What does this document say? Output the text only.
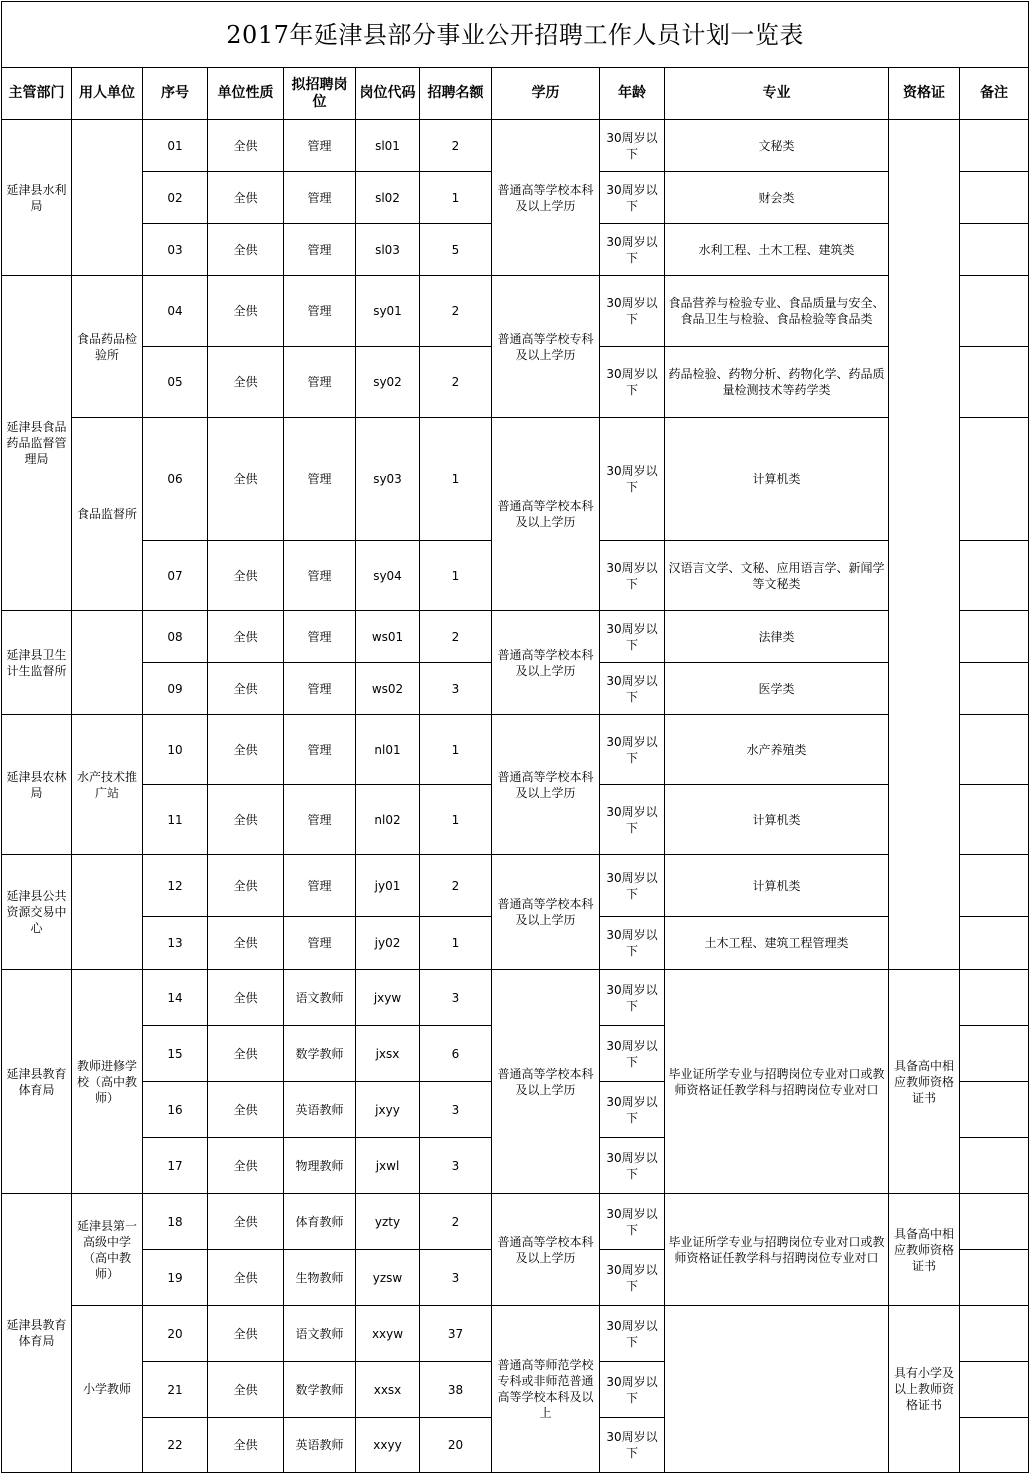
2017年延津县部分事业公开招聘工作人员计划一览表											
主管部门	用人单位	序号	单位性质	拟招聘岗位	岗位代码	招聘名额	学历	年龄	专业	资格证	备注
延津县水利局		01	全供	管理	sl01	2	普通高等学校本科及以上学历	30周岁以下	文秘类		
		02	全供	管理	sl02	1		30周岁以下	财会类		
		03	全供	管理	sl03	5		30周岁以下	水利工程、土木工程、建筑类		
延津县食品药品监督管理局	食品药品检验所	04	全供	管理	sy01	2	普通高等学校专科及以上学历	30周岁以下	食品营养与检验专业、食品质量与安全、食品卫生与检验、食品检验等食品类		
		05	全供	管理	sy02	2		30周岁以下	药品检验、药物分析、药物化学、药品质量检测技术等药学类		
	食品监督所	06	全供	管理	sy03	1	普通高等学校本科及以上学历	30周岁以下	计算机类		
		07	全供	管理	sy04	1		30周岁以下	汉语言文学、文秘、应用语言学、新闻学等文秘类		
延津县卫生计生监督所		08	全供	管理	ws01	2	普通高等学校本科及以上学历	30周岁以下	法律类		
		09	全供	管理	ws02	3		30周岁以下	医学类		
延津县农林局	水产技术推广站	10	全供	管理	nl01	1	普通高等学校本科及以上学历	30周岁以下	水产养殖类		
		11	全供	管理	nl02	1		30周岁以下	计算机类		
延津县公共资源交易中心		12	全供	管理	jy01	2	普通高等学校本科及以上学历	30周岁以下	计算机类		
		13	全供	管理	jy02	1		30周岁以下	土木工程、建筑工程管理类		
延津县教育体育局	教师进修学校（高中教师）	14	全供	语文教师	jxyw	3	普通高等学校本科及以上学历	30周岁以下	毕业证所学专业与招聘岗位专业对口或教师资格证任教学科与招聘岗位专业对口	具备高中相应教师资格证书	
		15	全供	数学教师	jxsx	6		30周岁以下			
		16	全供	英语教师	jxyy	3		30周岁以下			
		17	全供	物理教师	jxwl	3		30周岁以下			
延津县教育体育局	延津县第一高级中学（高中教师）	18	全供	体育教师	yzty	2	普通高等学校本科及以上学历	30周岁以下	毕业证所学专业与招聘岗位专业对口或教师资格证任教学科与招聘岗位专业对口	具备高中相应教师资格证书	
		19	全供	生物教师	yzsw	3		30周岁以下			
	小学教师	20	全供	语文教师	xxyw	37	普通高等师范学校专科或非师范普通高等学校本科及以上	30周岁以下		具有小学及以上教师资格证书	
		21	全供	数学教师	xxsx	38		30周岁以下			
		22	全供	英语教师	xxyy	20		30周岁以下			
